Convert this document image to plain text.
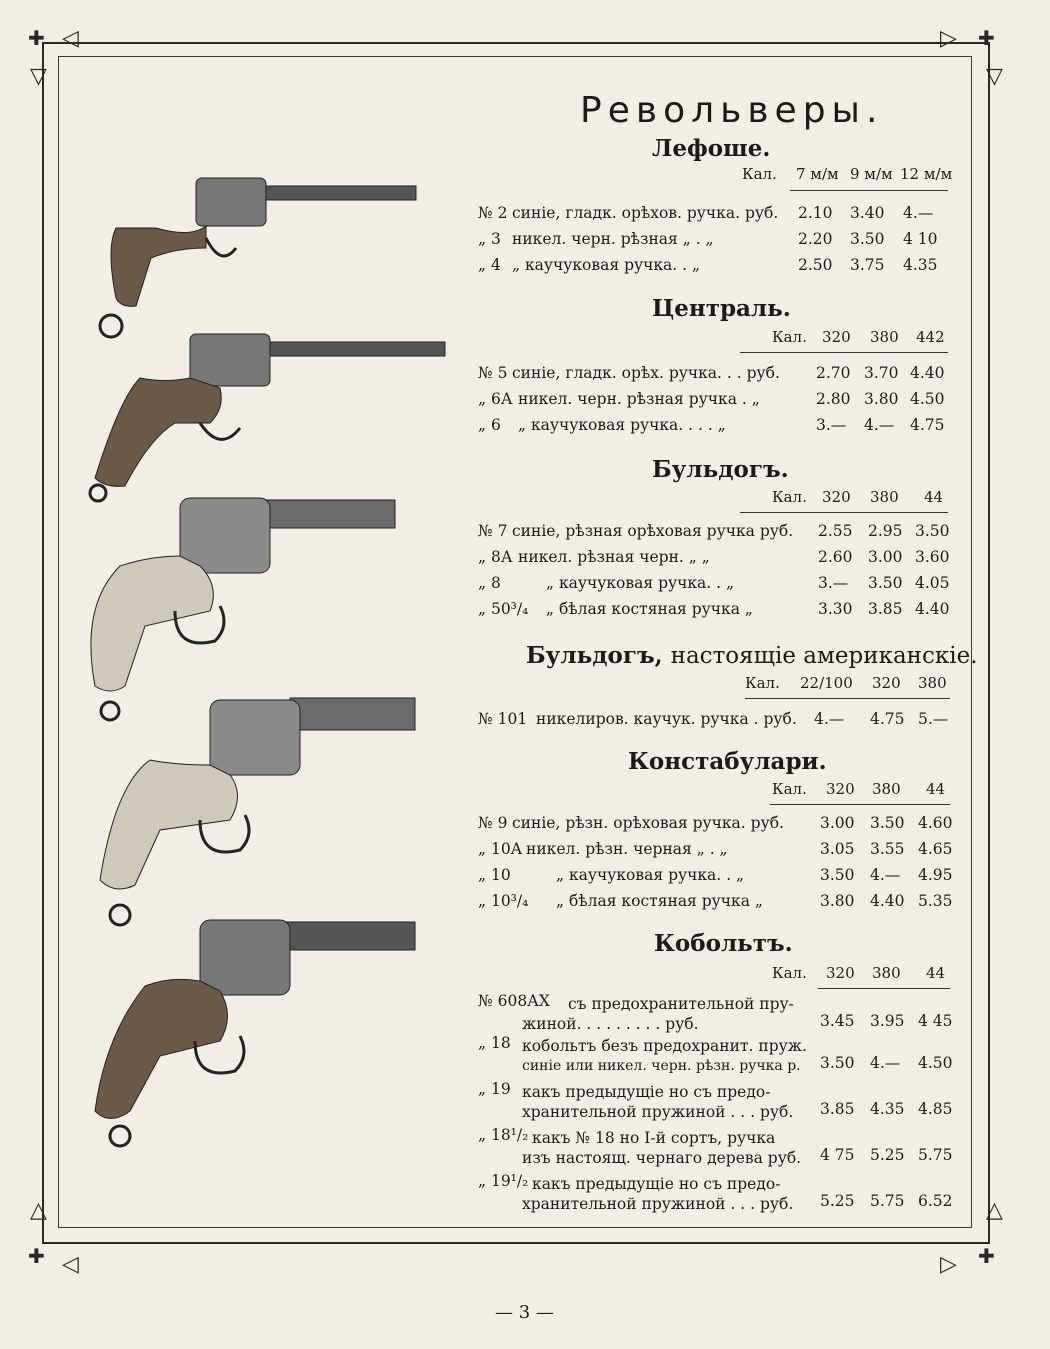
✚	✚
✚	✚
◁	▷
▽	▽
△	△
◁	▷
Револьверы.
Лефоше.
Кал. 7 м/м 9 м/м 12 м/м
№ 2 синіе, гладк. орѣхов. ручка. руб. 2.10 3.40 4.—
„ 3 никел. черн. рѣзная „ . „	2.20 3.50 4 10
„ 4 „ каучуковая ручка. . „	2.50 3.75 4.35
Централь.
Кал. 320 380 442
№ 5 синіе, гладк. орѣх. ручка. . . руб. 2.70 3.70 4.40
„ 6А никел. черн. рѣзная ручка . „	2.80 3.80 4.50
„ 6 „ каучуковая ручка. . . . „	3.— 4.— 4.75
Бульдогъ.
Кал. 320 380 44
№ 7 синіе, рѣзная орѣховая ручка руб. 2.55 2.95 3.50
„ 8А никел. рѣзная черн. „ „	2.60 3.00 3.60
„ 8	„ каучуковая ручка. . „	3.— 3.50 4.05
„ 50³/₄ „ бѣлая костяная ручка „	3.30 3.85 4.40
Бульдогъ, настоящіе американскіе.
Кал. 22/100 320 380
№ 101 никелиров. каучук. ручка . руб. 4.— 4.75 5.—
Констабулари.
Кал. 320 380 44
№ 9 синіе, рѣзн. орѣховая ручка. руб. 3.00 3.50 4.60
„ 10А никел. рѣзн. черная „ . „	3.05 3.55 4.65
„ 10	„ каучуковая ручка. . „	3.50 4.— 4.95
„ 10³/₄ „ бѣлая костяная ручка „	3.80 4.40 5.35
Кобольтъ.
Кал. 320 380 44
№ 608АХ съ предохранительной пру-
жиной. . . . . . . . . руб.	3.45 3.95 4 45
„ 18 кобольтъ безъ предохранит. пруж.
синіе или никел. черн. рѣзн. ручка р. 3.50 4.— 4.50
„ 19 какъ предыдущіе но съ предо-
хранительной пружиной . . . руб. 3.85 4.35 4.85
„ 18¹/₂ какъ № 18 но І-й сортъ, ручка
изъ настоящ. чернаго дерева руб. 4 75 5.25 5.75
„ 19¹/₂ какъ предыдущіе но съ предо-
хранительной пружиной . . . руб. 5.25 5.75 6.52
— 3 —
